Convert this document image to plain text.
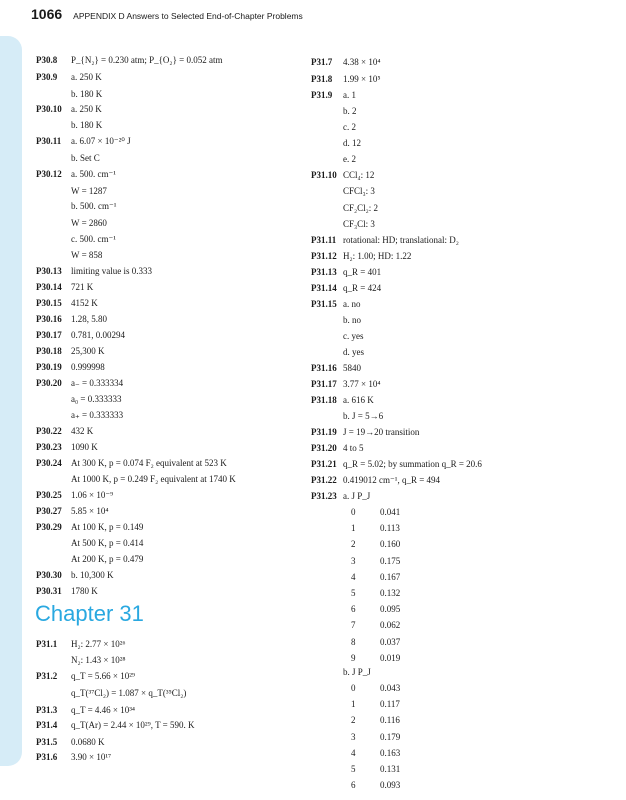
1066 APPENDIX D Answers to Selected End-of-Chapter Problems
P30.8 P_{N₂} = 0.230 atm; P_{O₂} = 0.052 atm
P30.9 a. 250 K
b. 180 K
P30.10 a. 250 K
b. 180 K
P30.11 a. 6.07 × 10⁻²⁰ J
b. Set C
P30.12 a. 500. cm⁻¹
W = 1287
b. 500. cm⁻¹
W = 2860
c. 500. cm⁻¹
W = 858
P30.13 limiting value is 0.333
P30.14 721 K
P30.15 4152 K
P30.16 1.28, 5.80
P30.17 0.781, 0.00294
P30.18 25,300 K
P30.19 0.999998
P30.20 a₋ = 0.333334
a₀ = 0.333333
a₊ = 0.333333
P30.22 432 K
P30.23 1090 K
P30.24 At 300 K, p = 0.074 F₂ equivalent at 523 K
At 1000 K, p = 0.249 F₂ equivalent at 1740 K
P30.25 1.06 × 10⁻⁹
P30.27 5.85 × 10⁴
P30.29 At 100 K, p = 0.149
At 500 K, p = 0.414
At 200 K, p = 0.479
P30.30 b. 10,300 K
P30.31 1780 K
P31.1 H₂: 2.77 × 10²⁶
N₂: 1.43 × 10²⁸
P31.2 q_T = 5.66 × 10²⁹
q_T(³⁷Cl₂) = 1.087 × q_T(³⁵Cl₂)
P31.3 q_T = 4.46 × 10³⁴
P31.4 q_T(Ar) = 2.44 × 10²⁹, T = 590. K
P31.5 0.0680 K
P31.6 3.90 × 10¹⁷
Chapter 31
P31.7 4.38 × 10⁴
P31.8 1.99 × 10⁵
P31.9 a. 1
b. 2
c. 2
d. 12
e. 2
P31.10 CCl₄: 12
CFCl₃: 3
CF₂Cl₂: 2
CF₃Cl: 3
P31.11 rotational: HD; translational: D₂
P31.12 H₂: 1.00; HD: 1.22
P31.13 q_R = 401
P31.14 q_R = 424
P31.15 a. no
b. no
c. yes
d. yes
P31.16 5840
P31.17 3.77 × 10⁴
P31.18 a. 616 K
b. J = 5→6
P31.19 J = 19→20 transition
P31.20 4 to 5
P31.21 q_R = 5.02; by summation q_R = 20.6
P31.22 0.419012 cm⁻¹, q_R = 494
P31.23 a. J P_J
0	0.041
1	0.113
2	0.160
3	0.175
4	0.167
5	0.132
6	0.095
7	0.062
8	0.037
9	0.019
b. J P_J
0	0.043
1	0.117
2	0.116
3	0.179
4	0.163
5	0.131
6	0.093
